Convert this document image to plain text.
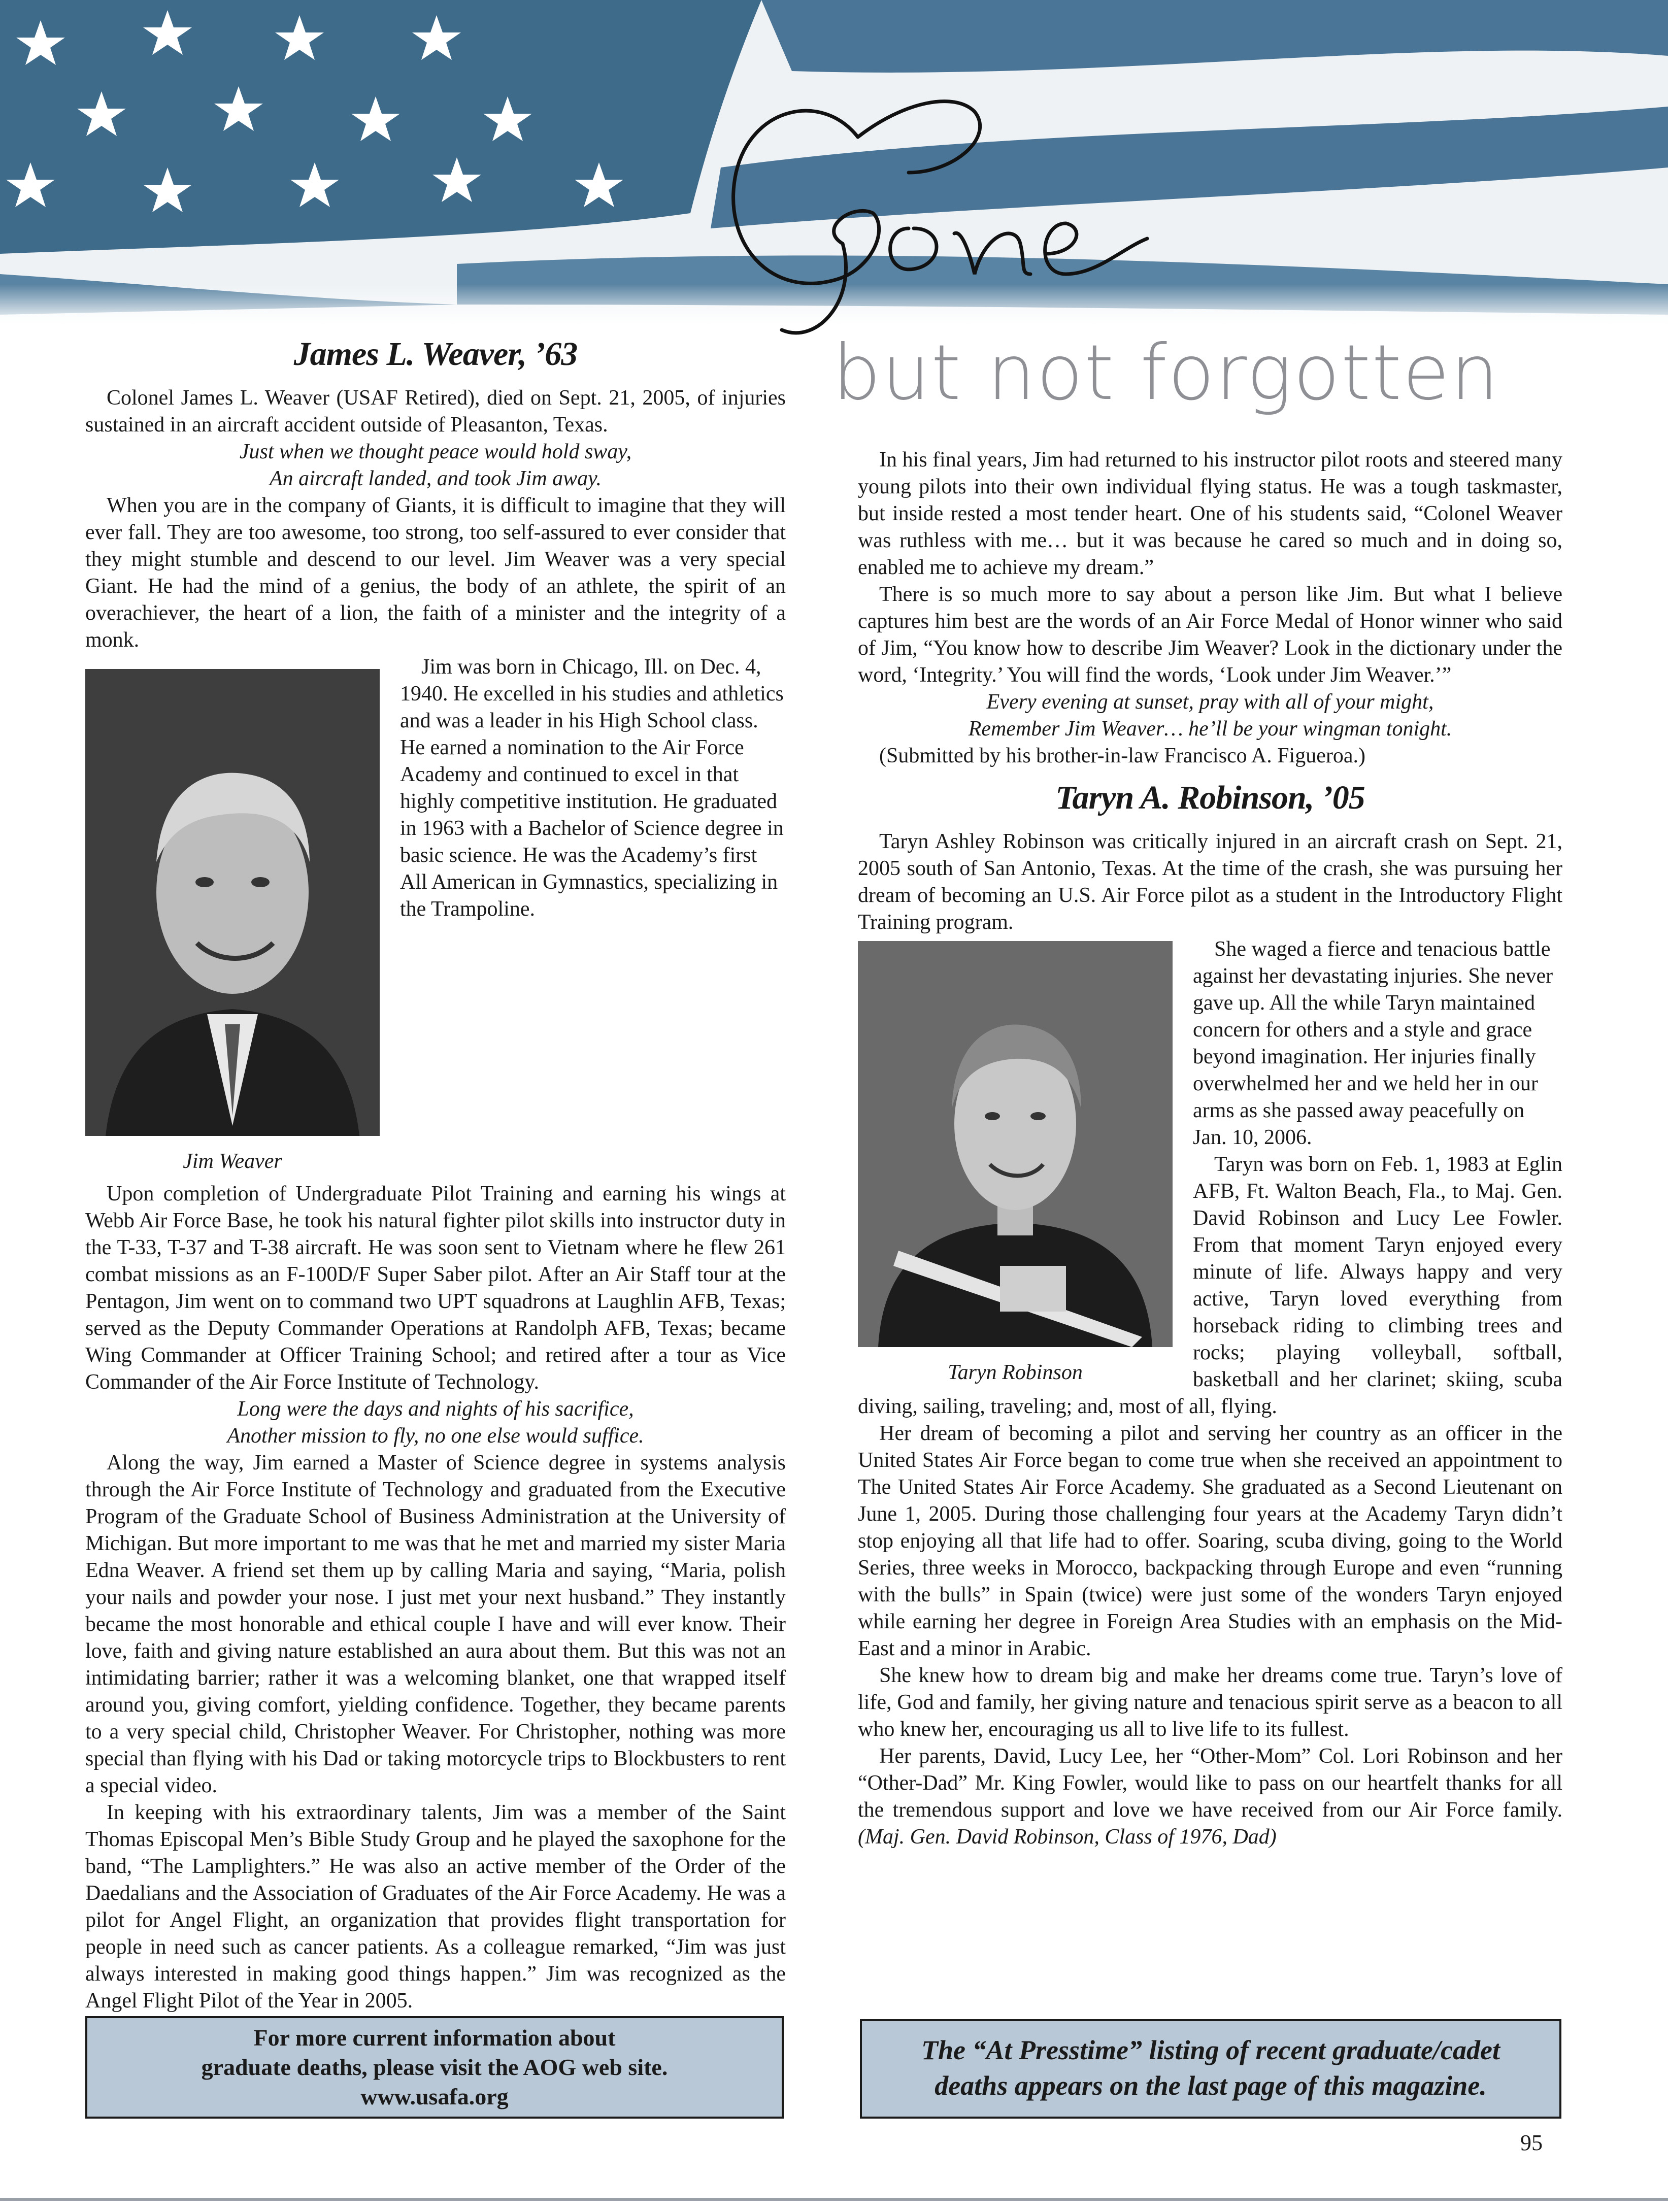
but not forgotten
James L. Weaver, ’63

Colonel James L. Weaver (USAF Retired), died on Sept. 21, 2005, of injuries sustained in an aircraft accident outside of Pleasanton, Texas.

Just when we thought peace would hold sway,
An aircraft landed, and took Jim away.

When you are in the company of Giants, it is difficult to imagine that they will ever fall. They are too awesome, too strong, too self-assured to ever consider that they might stumble and descend to our level. Jim Weaver was a very special Giant. He had the mind of a genius, the body of an athlete, the spirit of an overachiever, the heart of a lion, the faith of a minister and the integrity of a monk.

Jim Weaver

Jim was born in Chicago, Ill. on Dec. 4, 1940. He excelled in his studies and athletics and was a leader in his High School class. He earned a nomination to the Air Force Academy and continued to excel in that highly competitive institution. He graduated in 1963 with a Bachelor of Science degree in basic science. He was the Academy’s first All American in Gymnastics, specializing in the Trampoline.

Upon completion of Undergraduate Pilot Training and earning his wings at Webb Air Force Base, he took his natural fighter pilot skills into instructor duty in the T-33, T-37 and T-38 aircraft. He was soon sent to Vietnam where he flew 261 combat missions as an F-100D/F Super Saber pilot. After an Air Staff tour at the Pentagon, Jim went on to command two UPT squadrons at Laughlin AFB, Texas; served as the Deputy Commander Operations at Randolph AFB, Texas; became Wing Commander at Officer Training School; and retired after a tour as Vice Commander of the Air Force Institute of Technology.

Long were the days and nights of his sacrifice,
Another mission to fly, no one else would suffice.

Along the way, Jim earned a Master of Science degree in systems analysis through the Air Force Institute of Technology and graduated from the Executive Program of the Graduate School of Business Administration at the University of Michigan. But more important to me was that he met and married my sister Maria Edna Weaver. A friend set them up by calling Maria and saying, “Maria, polish your nails and powder your nose. I just met your next husband.” They instantly became the most honorable and ethical couple I have and will ever know. Their love, faith and giving nature established an aura about them. But this was not an intimidating barrier; rather it was a welcoming blanket, one that wrapped itself around you, giving comfort, yielding confidence. Together, they became parents to a very special child, Christopher Weaver. For Christopher, nothing was more special than flying with his Dad or taking motorcycle trips to Blockbusters to rent a special video.

In keeping with his extraordinary talents, Jim was a member of the Saint Thomas Episcopal Men’s Bible Study Group and he played the saxophone for the band, “The Lamplighters.” He was also an active member of the Order of the Daedalians and the Association of Graduates of the Air Force Academy. He was a pilot for Angel Flight, an organization that provides flight transportation for people in need such as cancer patients. As a colleague remarked, “Jim was just always interested in making good things happen.” Jim was recognized as the Angel Flight Pilot of the Year in 2005.

In his final years, Jim had returned to his instructor pilot roots and steered many young pilots into their own individual flying status. He was a tough taskmaster, but inside rested a most tender heart. One of his students said, “Colonel Weaver was ruthless with me… but it was because he cared so much and in doing so, enabled me to achieve my dream.”

There is so much more to say about a person like Jim. But what I believe captures him best are the words of an Air Force Medal of Honor winner who said of Jim, “You know how to describe Jim Weaver? Look in the dictionary under the word, ‘Integrity.’ You will find the words, ‘Look under Jim Weaver.’”

Every evening at sunset, pray with all of your might,
Remember Jim Weaver… he’ll be your wingman tonight.

(Submitted by his brother-in-law Francisco A. Figueroa.)

Taryn A. Robinson, ’05

Taryn Ashley Robinson was critically injured in an aircraft crash on Sept. 21, 2005 south of San Antonio, Texas. At the time of the crash, she was pursuing her dream of becoming an U.S. Air Force pilot as a student in the Introductory Flight Training program.

Taryn Robinson

She waged a fierce and tenacious battle against her devastating injuries. She never gave up. All the while Taryn maintained concern for others and a style and grace beyond imagination. Her injuries finally overwhelmed her and we held her in our arms as she passed away peacefully on Jan. 10, 2006.

Taryn was born on Feb. 1, 1983 at Eglin AFB, Ft. Walton Beach, Fla., to Maj. Gen. David Robinson and Lucy Lee Fowler. From that moment Taryn enjoyed every minute of life. Always happy and very active, Taryn loved everything from horseback riding to climbing trees and rocks; playing volleyball, softball, basketball and her clarinet; skiing, scuba diving, sailing, traveling; and, most of all, flying.

Her dream of becoming a pilot and serving her country as an officer in the United States Air Force began to come true when she received an appointment to The United States Air Force Academy. She graduated as a Second Lieutenant on June 1, 2005. During those challenging four years at the Academy Taryn didn’t stop enjoying all that life had to offer. Soaring, scuba diving, going to the World Series, three weeks in Morocco, backpacking through Europe and even “running with the bulls” in Spain (twice) were just some of the wonders Taryn enjoyed while earning her degree in Foreign Area Studies with an emphasis on the Mid-East and a minor in Arabic.

She knew how to dream big and make her dreams come true. Taryn’s love of life, God and family, her giving nature and tenacious spirit serve as a beacon to all who knew her, encouraging us all to live life to its fullest.

Her parents, David, Lucy Lee, her “Other-Mom” Col. Lori Robinson and her “Other-Dad” Mr. King Fowler, would like to pass on our heartfelt thanks for all the tremendous support and love we have received from our Air Force family. (Maj. Gen. David Robinson, Class of 1976, Dad)

For more current information about
graduate deaths, please visit the AOG web site.
www.usafa.org
The “At Presstime” listing of recent graduate/cadet
deaths appears on the last page of this magazine.
95
